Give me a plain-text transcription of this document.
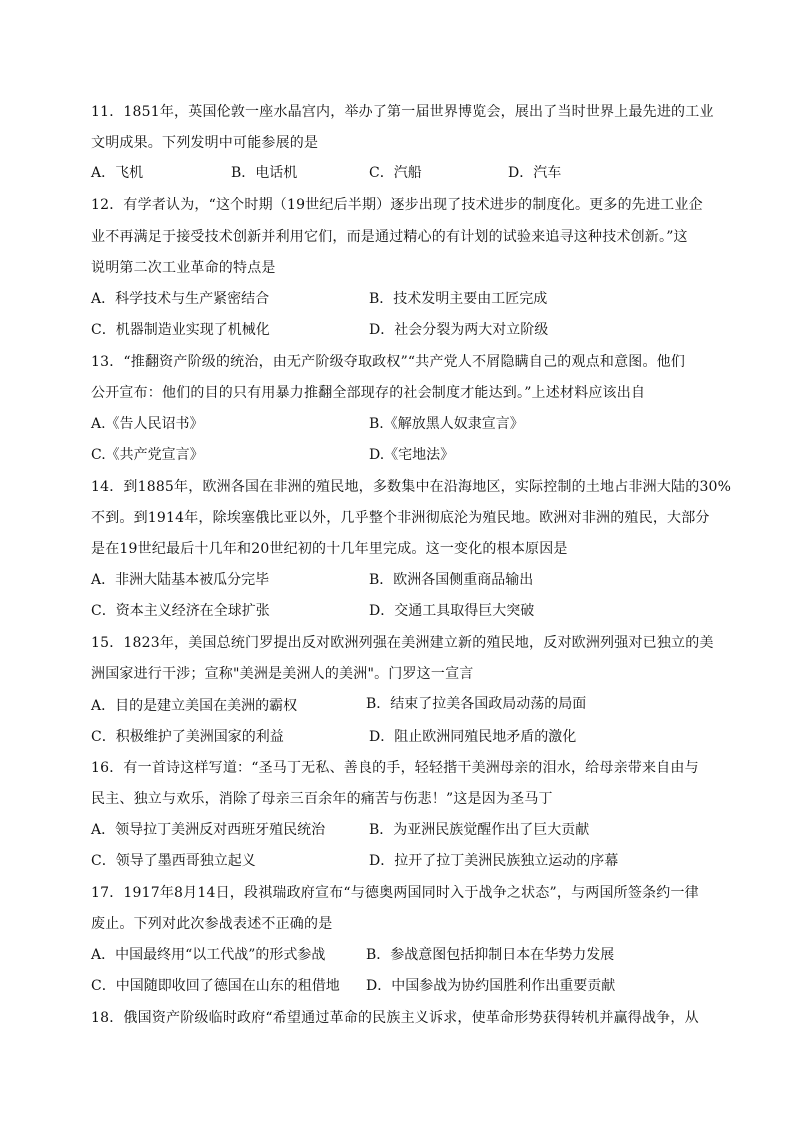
11．1851年，英国伦敦一座水晶宫内，举办了第一届世界博览会，展出了当时世界上最先进的工业
文明成果。下列发明中可能参展的是
A．飞机	B．电话机	C．汽船	D．汽车
12．有学者认为，“这个时期（19世纪后半期）逐步出现了技术进步的制度化。更多的先进工业企
业不再满足于接受技术创新并利用它们，而是通过精心的有计划的试验来追寻这种技术创新。”这
说明第二次工业革命的特点是
A．科学技术与生产紧密结合	B．技术发明主要由工匠完成
C．机器制造业实现了机械化	D．社会分裂为两大对立阶级
13．“推翻资产阶级的统治，由无产阶级夺取政权”“共产党人不屑隐瞒自己的观点和意图。他们
公开宣布：他们的目的只有用暴力推翻全部现存的社会制度才能达到。”上述材料应该出自
A.《告人民诏书》	B.《解放黑人奴隶宣言》
C.《共产党宣言》	D.《宅地法》
14．到1885年，欧洲各国在非洲的殖民地，多数集中在沿海地区，实际控制的土地占非洲大陆的30%
不到。到1914年，除埃塞俄比亚以外，几乎整个非洲彻底沦为殖民地。欧洲对非洲的殖民，大部分
是在19世纪最后十几年和20世纪初的十几年里完成。这一变化的根本原因是
A．非洲大陆基本被瓜分完毕	B．欧洲各国侧重商品输出
C．资本主义经济在全球扩张	D．交通工具取得巨大突破
15．1823年，美国总统门罗提出反对欧洲列强在美洲建立新的殖民地，反对欧洲列强对已独立的美
洲国家进行干涉；宣称"美洲是美洲人的美洲"。门罗这一宣言
A．目的是建立美国在美洲的霸权	B．结束了拉美各国政局动荡的局面
C．积极维护了美洲国家的利益	D．阻止欧洲同殖民地矛盾的激化
16．有一首诗这样写道：“圣马丁无私、善良的手，轻轻揩干美洲母亲的泪水，给母亲带来自由与
民主、独立与欢乐，消除了母亲三百余年的痛苦与伤悲！”这是因为圣马丁
A．领导拉丁美洲反对西班牙殖民统治	B．为亚洲民族觉醒作出了巨大贡献
C．领导了墨西哥独立起义	D．拉开了拉丁美洲民族独立运动的序幕
17．1917年8月14日，段祺瑞政府宣布“与德奥两国同时入于战争之状态”，与两国所签条约一律
废止。下列对此次参战表述不正确的是
A．中国最终用“以工代战”的形式参战	B．参战意图包括抑制日本在华势力发展
C．中国随即收回了德国在山东的租借地 D．中国参战为协约国胜利作出重要贡献
18．俄国资产阶级临时政府“希望通过革命的民族主义诉求，使革命形势获得转机并赢得战争，从
